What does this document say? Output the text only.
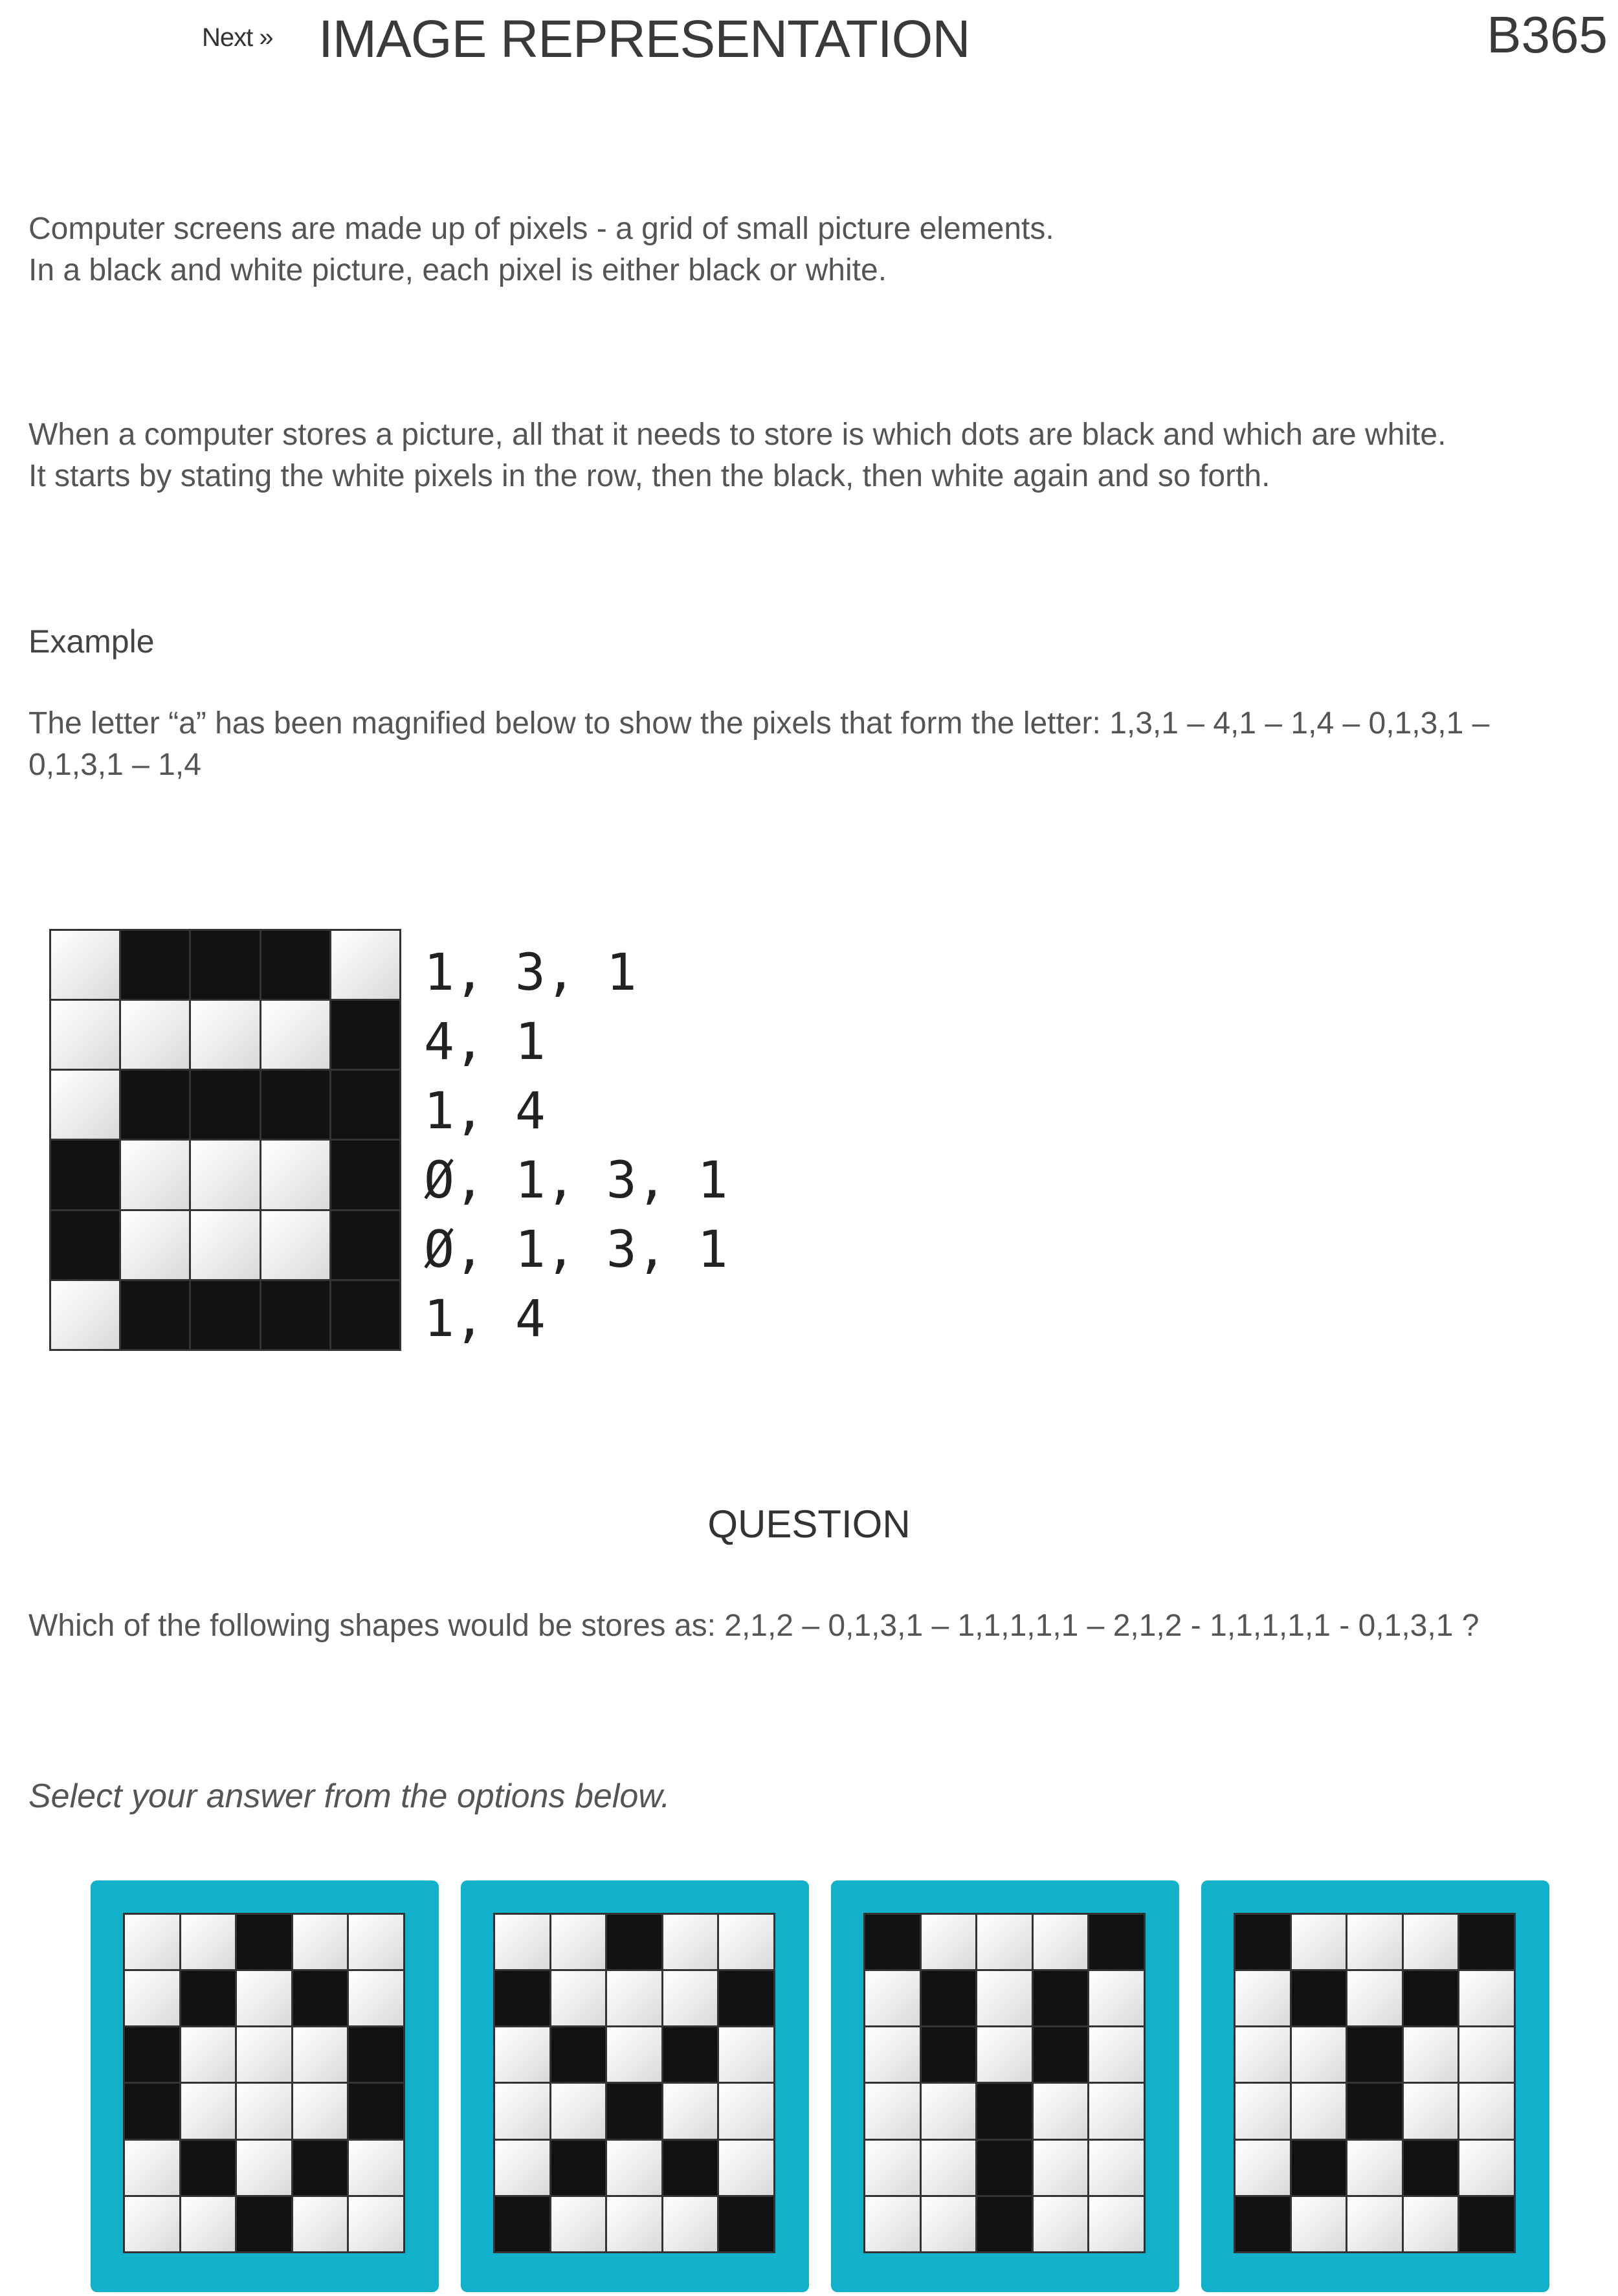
Next » IMAGE REPRESENTATION	B365
Computer screens are made up of pixels - a grid of small picture elements.
In a black and white picture, each pixel is either black or white.
When a computer stores a picture, all that it needs to store is which dots are black and which are white.
It starts by stating the white pixels in the row, then the black, then white again and so forth.
Example
The letter “a” has been magnified below to show the pixels that form the letter: 1,3,1 – 4,1 – 1,4 – 0,1,3,1 –
0,1,3,1 – 1,4
1, 3, 1
4, 1
1, 4
Ø, 1, 3, 1
Ø, 1, 3, 1
1, 4
QUESTION
Which of the following shapes would be stores as: 2,1,2 – 0,1,3,1 – 1,1,1,1,1 – 2,1,2 - 1,1,1,1,1 - 0,1,3,1 ?
Select your answer from the options below.
